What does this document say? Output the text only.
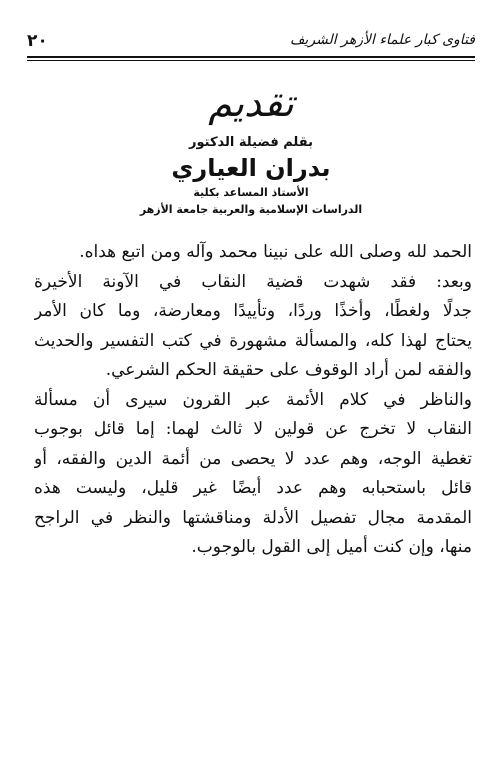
فتاوى كبار علماء الأزهر الشريف
٢٠
تقديم
بقلم فضيلة الدكتور
بدران العياري
الأستاذ المساعد بكلية
الدراسات الإسلامية والعربية جامعة الأزهر
الحمد لله وصلى الله على نبينا محمد وآله ومن اتبع هداه.
وبعد: فقد شهدت قضية النقاب في الآونة الأخيرة
جدلًا ولغطًا، وأخذًا وردًا، وتأييدًا ومعارضة، وما كان الأمر
يحتاج لهذا كله، والمسألة مشهورة في كتب التفسير والحديث
والفقه لمن أراد الوقوف على حقيقة الحكم الشرعي.
والناظر في كلام الأئمة عبر القرون سيرى أن مسألة
النقاب لا تخرج عن قولين لا ثالث لهما: إما قائل بوجوب
تغطية الوجه، وهم عدد لا يحصى من أئمة الدين والفقه، أو
قائل باستحبابه وهم عدد أيضًا غير قليل، وليست هذه
المقدمة مجال تفصيل الأدلة ومناقشتها والنظر في الراجح
منها، وإن كنت أميل إلى القول بالوجوب.
